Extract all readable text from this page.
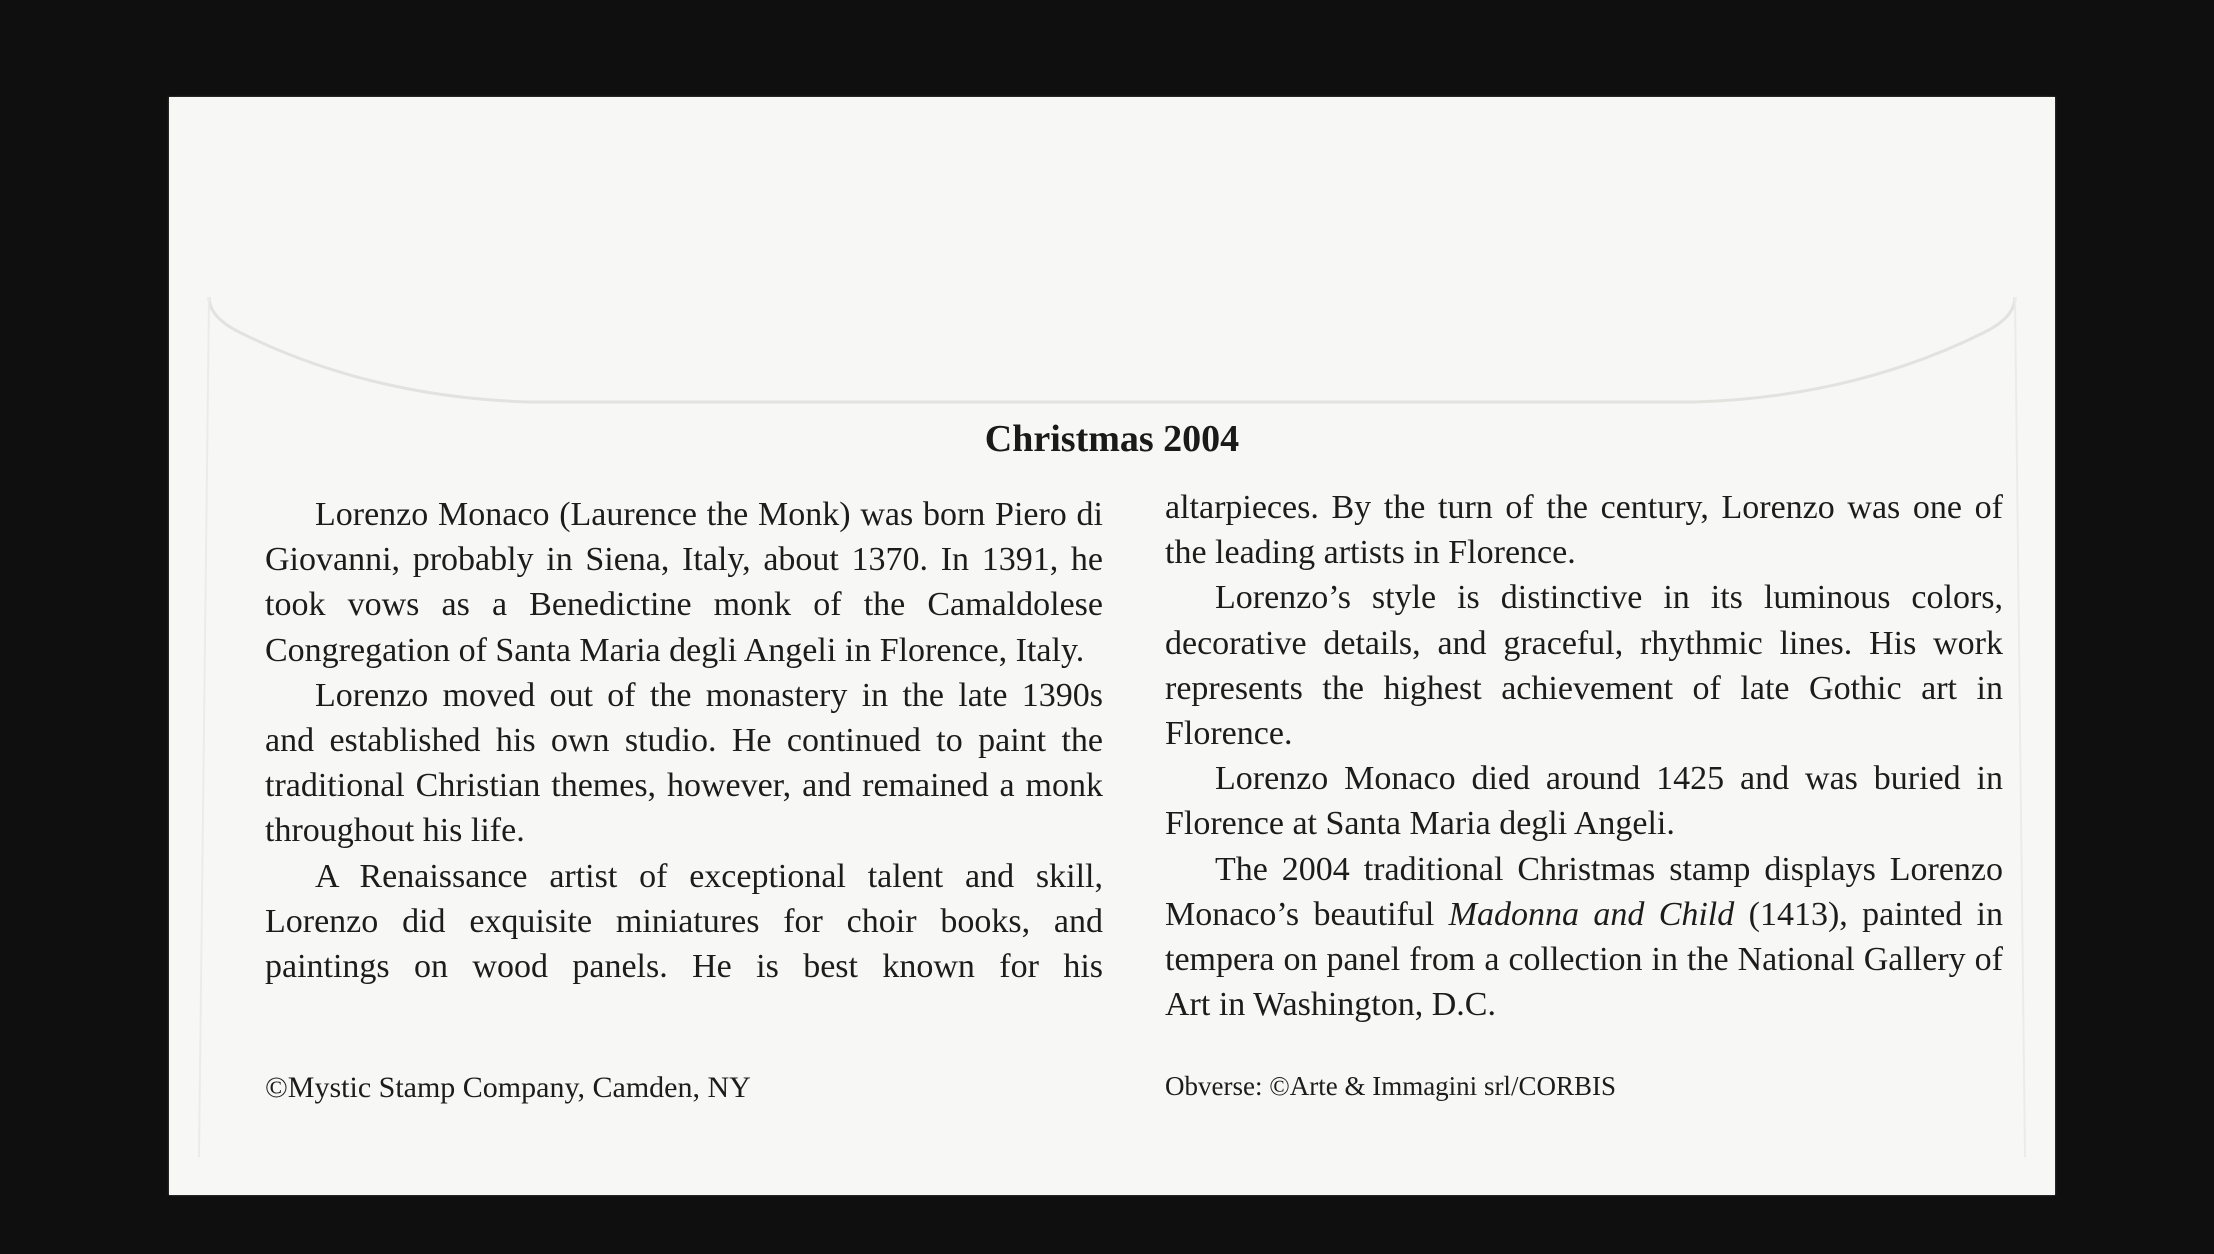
Christmas 2004

Lorenzo Monaco (Laurence the Monk) was born Piero di Giovanni, probably in Siena, Italy, about 1370. In 1391, he took vows as a Benedictine monk of the Camaldolese Congregation of Santa Maria degli Angeli in Florence, Italy.

Lorenzo moved out of the monastery in the late 1390s and established his own studio. He continued to paint the traditional Christian themes, however, and remained a monk throughout his life.

A Renaissance artist of exceptional talent and skill, Lorenzo did exquisite miniatures for choir books, and paintings on wood panels. He is best known for his

altarpieces. By the turn of the century, Lorenzo was one of the leading artists in Florence.

Lorenzo’s style is distinctive in its luminous colors, decorative details, and graceful, rhythmic lines. His work represents the highest achievement of late Gothic art in Florence.

Lorenzo Monaco died around 1425 and was buried in Florence at Santa Maria degli Angeli.

The 2004 traditional Christmas stamp displays Lorenzo Monaco’s beautiful Madonna and Child (1413), painted in tempera on panel from a collection in the National Gallery of Art in Washington, D.C.

©Mystic Stamp Company, Camden, NY	Obverse: ©Arte & Immagini srl/CORBIS
